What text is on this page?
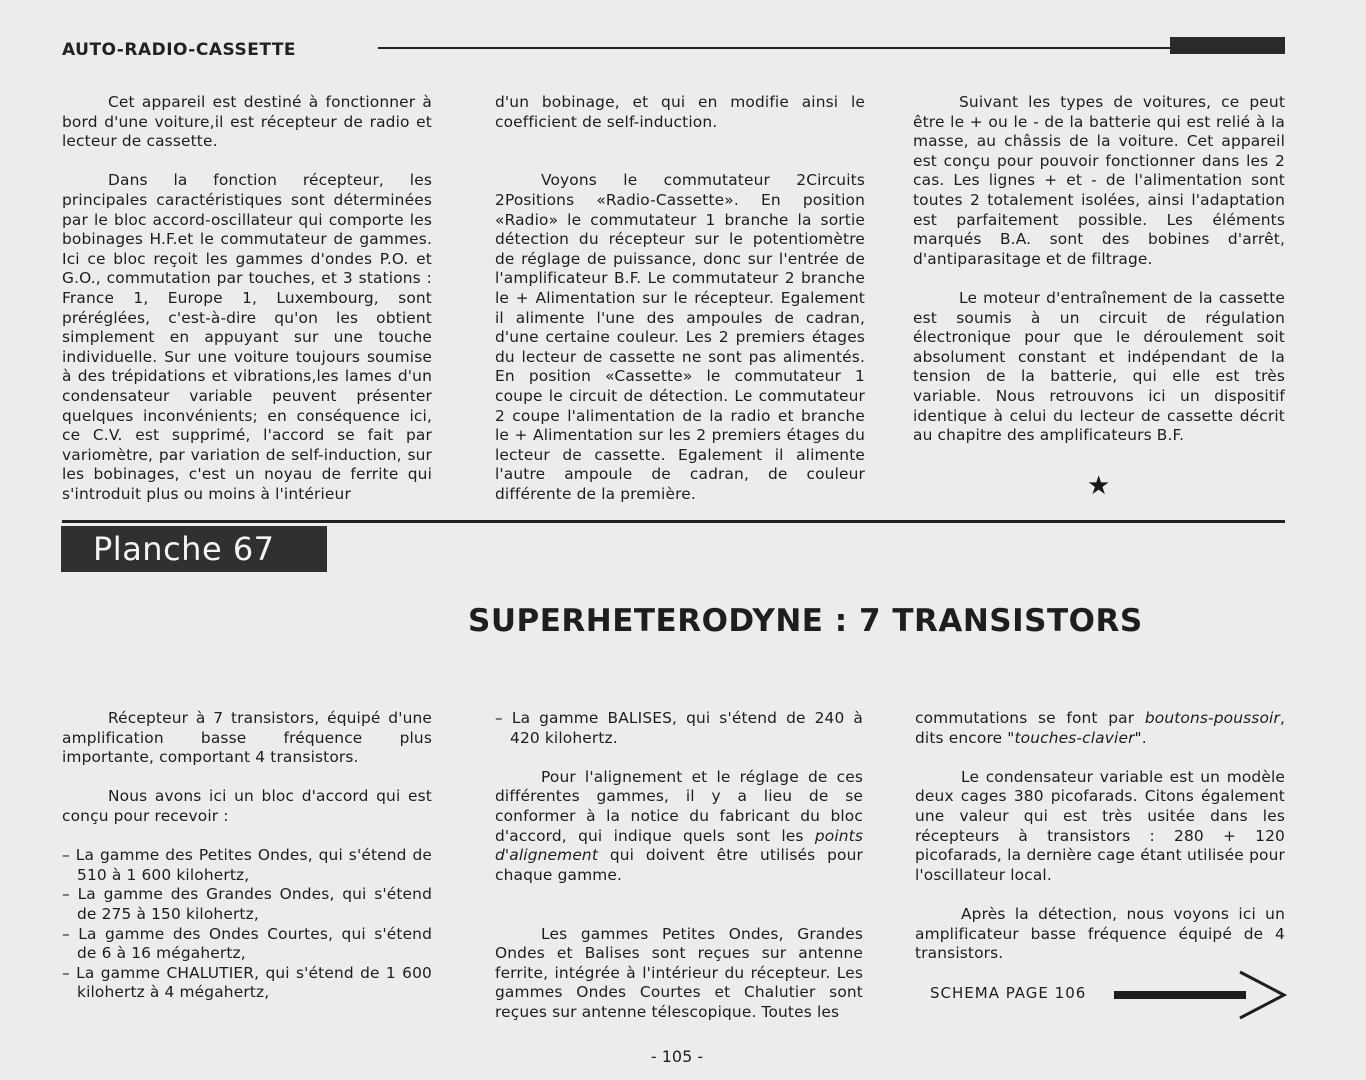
AUTO-RADIO-CASSETTE

Cet appareil est destiné à fonctionner à bord d'une voiture,il est récepteur de radio et lecteur de cassette.

Dans la fonction récepteur, les principales caractéristiques sont déterminées par le bloc accord-oscillateur qui comporte les bobinages H.F.et le commutateur de gammes. Ici ce bloc reçoit les gammes d'ondes P.O. et G.O., commutation par touches, et 3 stations : France 1, Europe 1, Luxembourg, sont préréglées, c'est-à-dire qu'on les obtient simplement en appuyant sur une touche individuelle. Sur une voiture toujours soumise à des trépidations et vibrations,les lames d'un condensateur variable peuvent présenter quelques inconvénients; en conséquence ici, ce C.V. est supprimé, l'accord se fait par variomètre, par variation de self-induction, sur les bobinages, c'est un noyau de ferrite qui s'introduit plus ou moins à l'intérieur

d'un bobinage, et qui en modifie ainsi le coefficient de self-induction.

Voyons le commutateur 2Circuits 2Positions «Radio-Cassette». En position «Radio» le commutateur 1 branche la sortie détection du récepteur sur le potentiomètre de réglage de puissance, donc sur l'entrée de l'amplificateur B.F. Le commutateur 2 branche le + Alimentation sur le récepteur. Egalement il alimente l'une des ampoules de cadran, d'une certaine couleur. Les 2 premiers étages du lecteur de cassette ne sont pas alimentés. En position «Cassette» le commutateur 1 coupe le circuit de détection. Le commutateur 2 coupe l'alimentation de la radio et branche le + Alimentation sur les 2 premiers étages du lecteur de cassette. Egalement il alimente l'autre ampoule de cadran, de couleur différente de la première.

Suivant les types de voitures, ce peut être le + ou le - de la batterie qui est relié à la masse, au châssis de la voiture. Cet appareil est conçu pour pouvoir fonctionner dans les 2 cas. Les lignes + et - de l'alimentation sont toutes 2 totalement isolées, ainsi l'adaptation est parfaitement possible. Les éléments marqués B.A. sont des bobines d'arrêt, d'antiparasitage et de filtrage.

Le moteur d'entraînement de la cassette est soumis à un circuit de régulation électronique pour que le déroulement soit absolument constant et indépendant de la tension de la batterie, qui elle est très variable. Nous retrouvons ici un dispositif identique à celui du lecteur de cassette décrit au chapitre des amplificateurs B.F.

★
Planche 67
SUPERHETERODYNE : 7 TRANSISTORS

Récepteur à 7 transistors, équipé d'une amplification basse fréquence plus importante, comportant 4 transistors.

Nous avons ici un bloc d'accord qui est conçu pour recevoir :

– La gamme des Petites Ondes, qui s'étend de 510 à 1 600 kilohertz,
– La gamme des Grandes Ondes, qui s'étend de 275 à 150 kilohertz,
– La gamme des Ondes Courtes, qui s'étend de 6 à 16 mégahertz,
– La gamme CHALUTIER, qui s'étend de 1 600 kilohertz à 4 mégahertz,
– La gamme BALISES, qui s'étend de 240 à 420 kilohertz.

Pour l'alignement et le réglage de ces différentes gammes, il y a lieu de se conformer à la notice du fabricant du bloc d'accord, qui indique quels sont les points d'alignement qui doivent être utilisés pour chaque gamme.

Les gammes Petites Ondes, Grandes Ondes et Balises sont reçues sur antenne ferrite, intégrée à l'intérieur du récepteur. Les gammes Ondes Courtes et Chalutier sont reçues sur antenne télescopique. Toutes les

commutations se font par boutons-poussoir, dits encore "touches-clavier".

Le condensateur variable est un modèle deux cages 380 picofarads. Citons également une valeur qui est très usitée dans les récepteurs à transistors : 280 + 120 picofarads, la dernière cage étant utilisée pour l'oscillateur local.

Après la détection, nous voyons ici un amplificateur basse fréquence équipé de 4 transistors.

SCHEMA PAGE 106
- 105 -
